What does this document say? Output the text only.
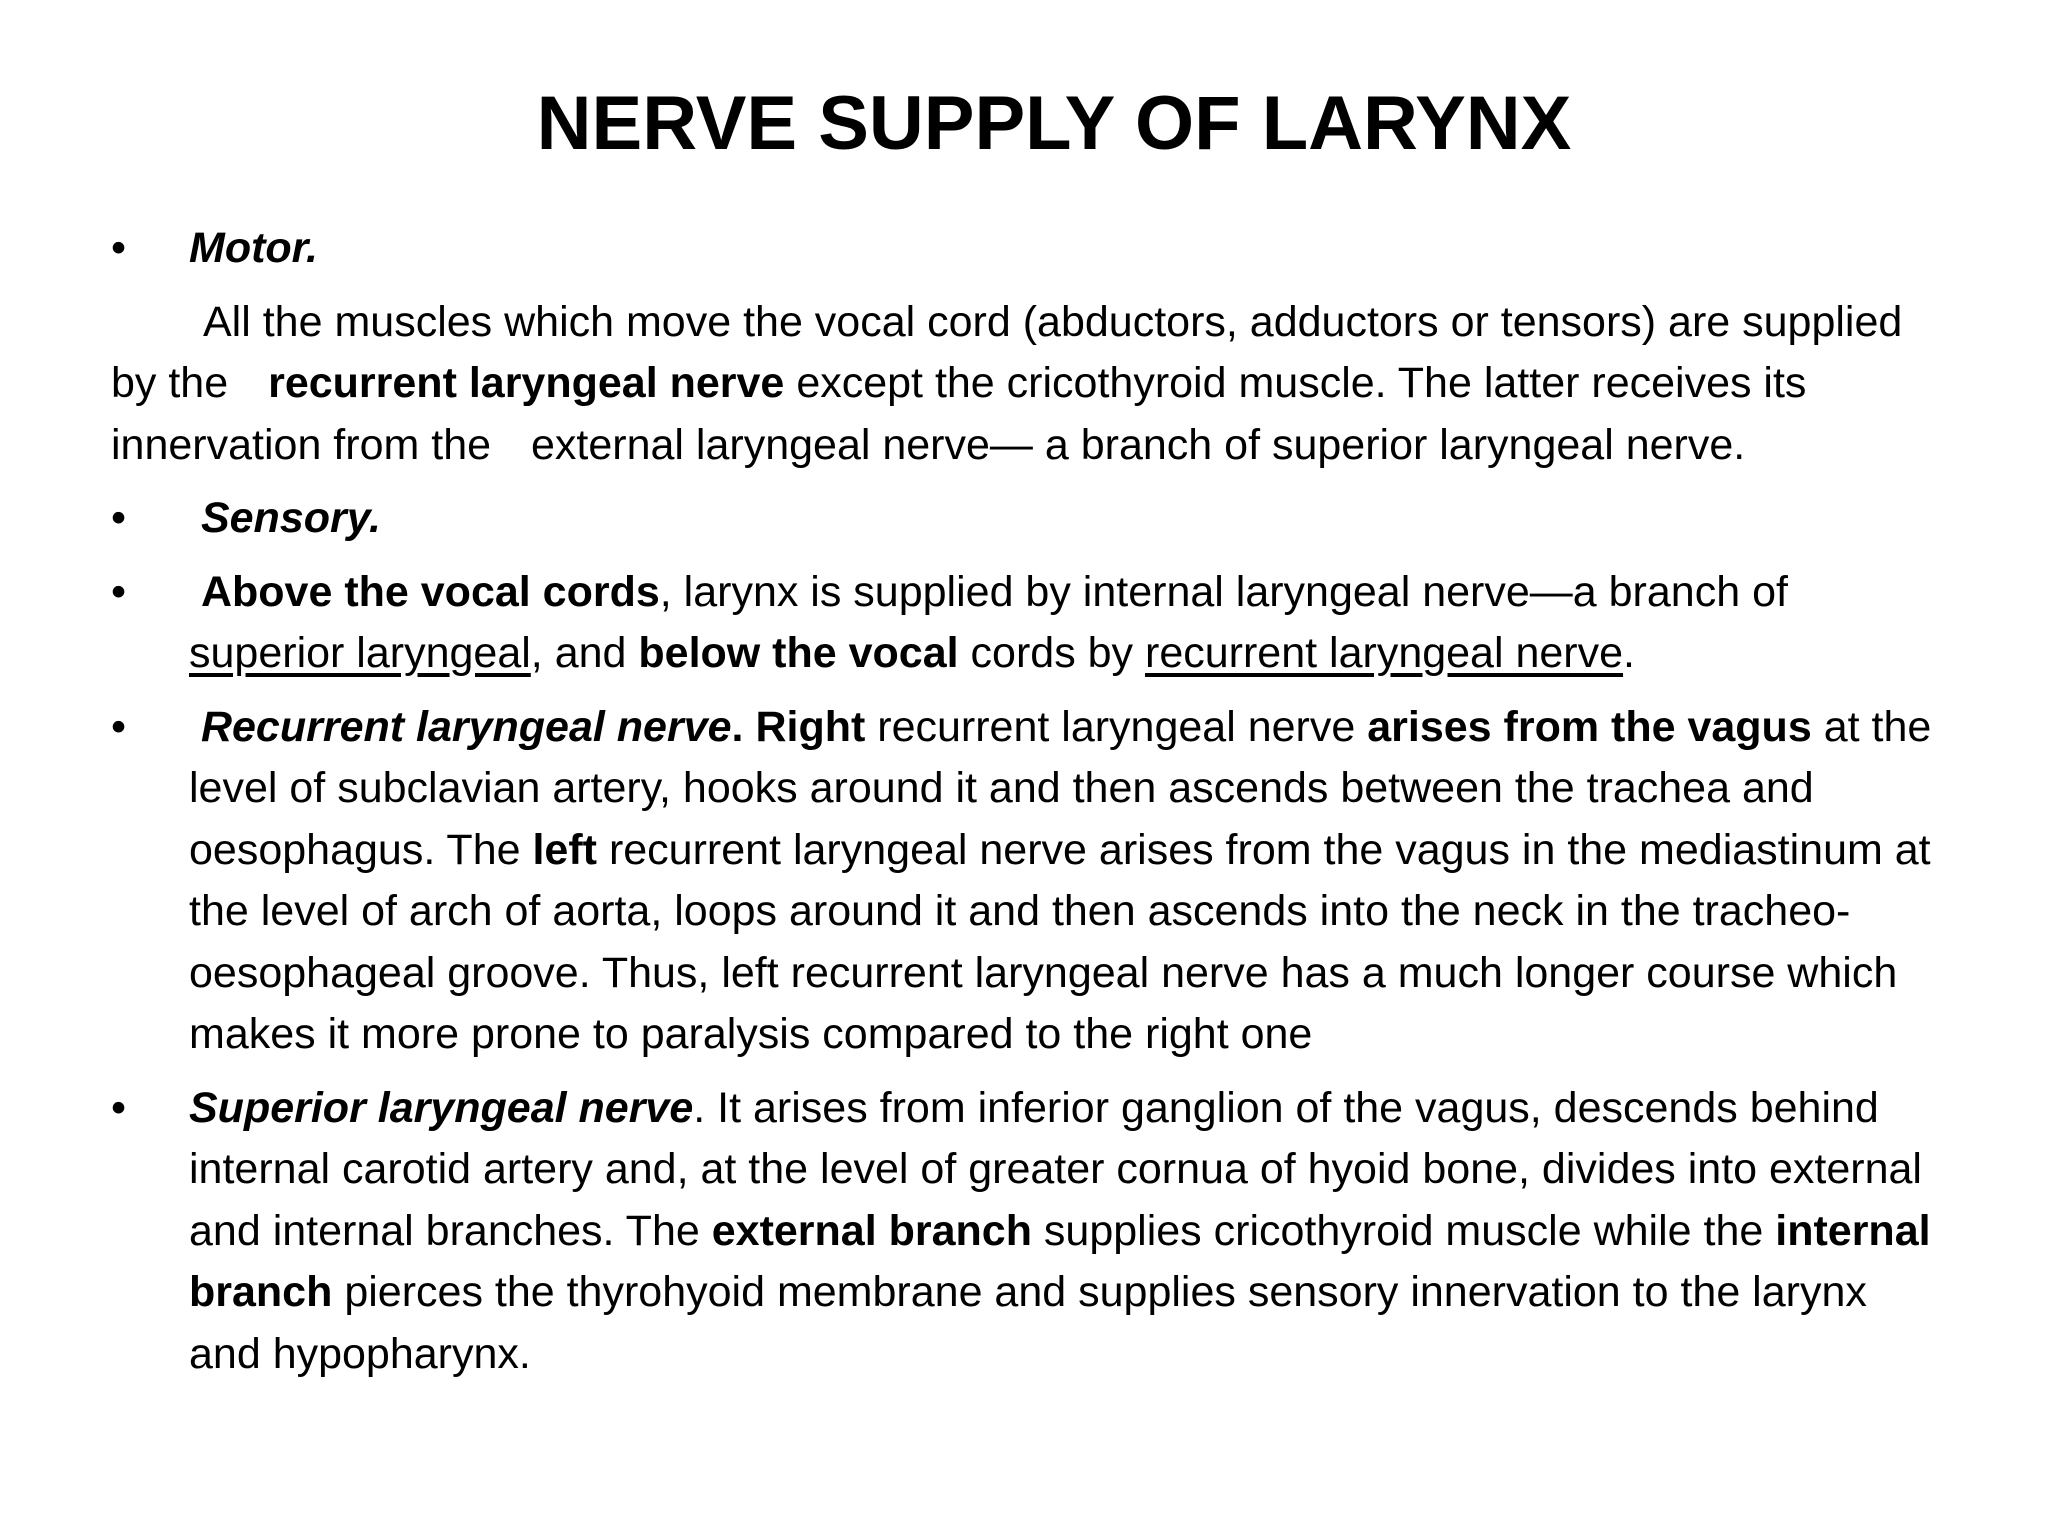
NERVE SUPPLY OF LARYNX
•	Motor.
All the muscles which move the vocal cord (abductors, adductors or tensors) are supplied by the recurrent laryngeal nerve except the cricothyroid muscle. The latter receives its innervation from the external laryngeal nerve— a branch of superior laryngeal nerve.
•	Sensory.
•	Above the vocal cords, larynx is supplied by internal laryngeal nerve—a branch of superior laryngeal, and below the vocal cords by recurrent laryngeal nerve.
•	Recurrent laryngeal nerve. Right recurrent laryngeal nerve arises from the vagus at the level of subclavian artery, hooks around it and then ascends between the trachea and oesophagus. The left recurrent laryngeal nerve arises from the vagus in the mediastinum at the level of arch of aorta, loops around it and then ascends into the neck in the tracheo-oesophageal groove. Thus, left recurrent laryngeal nerve has a much longer course which makes it more prone to paralysis compared to the right one
•	Superior laryngeal nerve. It arises from inferior ganglion of the vagus, descends behind internal carotid artery and, at the level of greater cornua of hyoid bone, divides into external and internal branches. The external branch supplies cricothyroid muscle while the internal branch pierces the thyrohyoid membrane and supplies sensory innervation to the larynx and hypopharynx.
